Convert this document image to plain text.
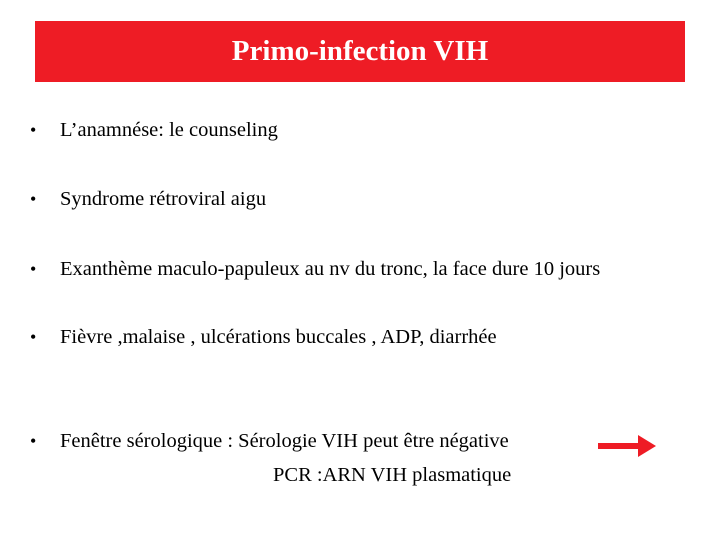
Primo-infection VIH
•	L’anamnése: le counseling
•	Syndrome rétroviral aigu
•	Exanthème maculo-papuleux au nv du tronc, la face dure 10 jours
•	Fièvre ,malaise , ulcérations buccales , ADP, diarrhée
•	Fenêtre sérologique : Sérologie VIH peut être négative
PCR :ARN VIH plasmatique
